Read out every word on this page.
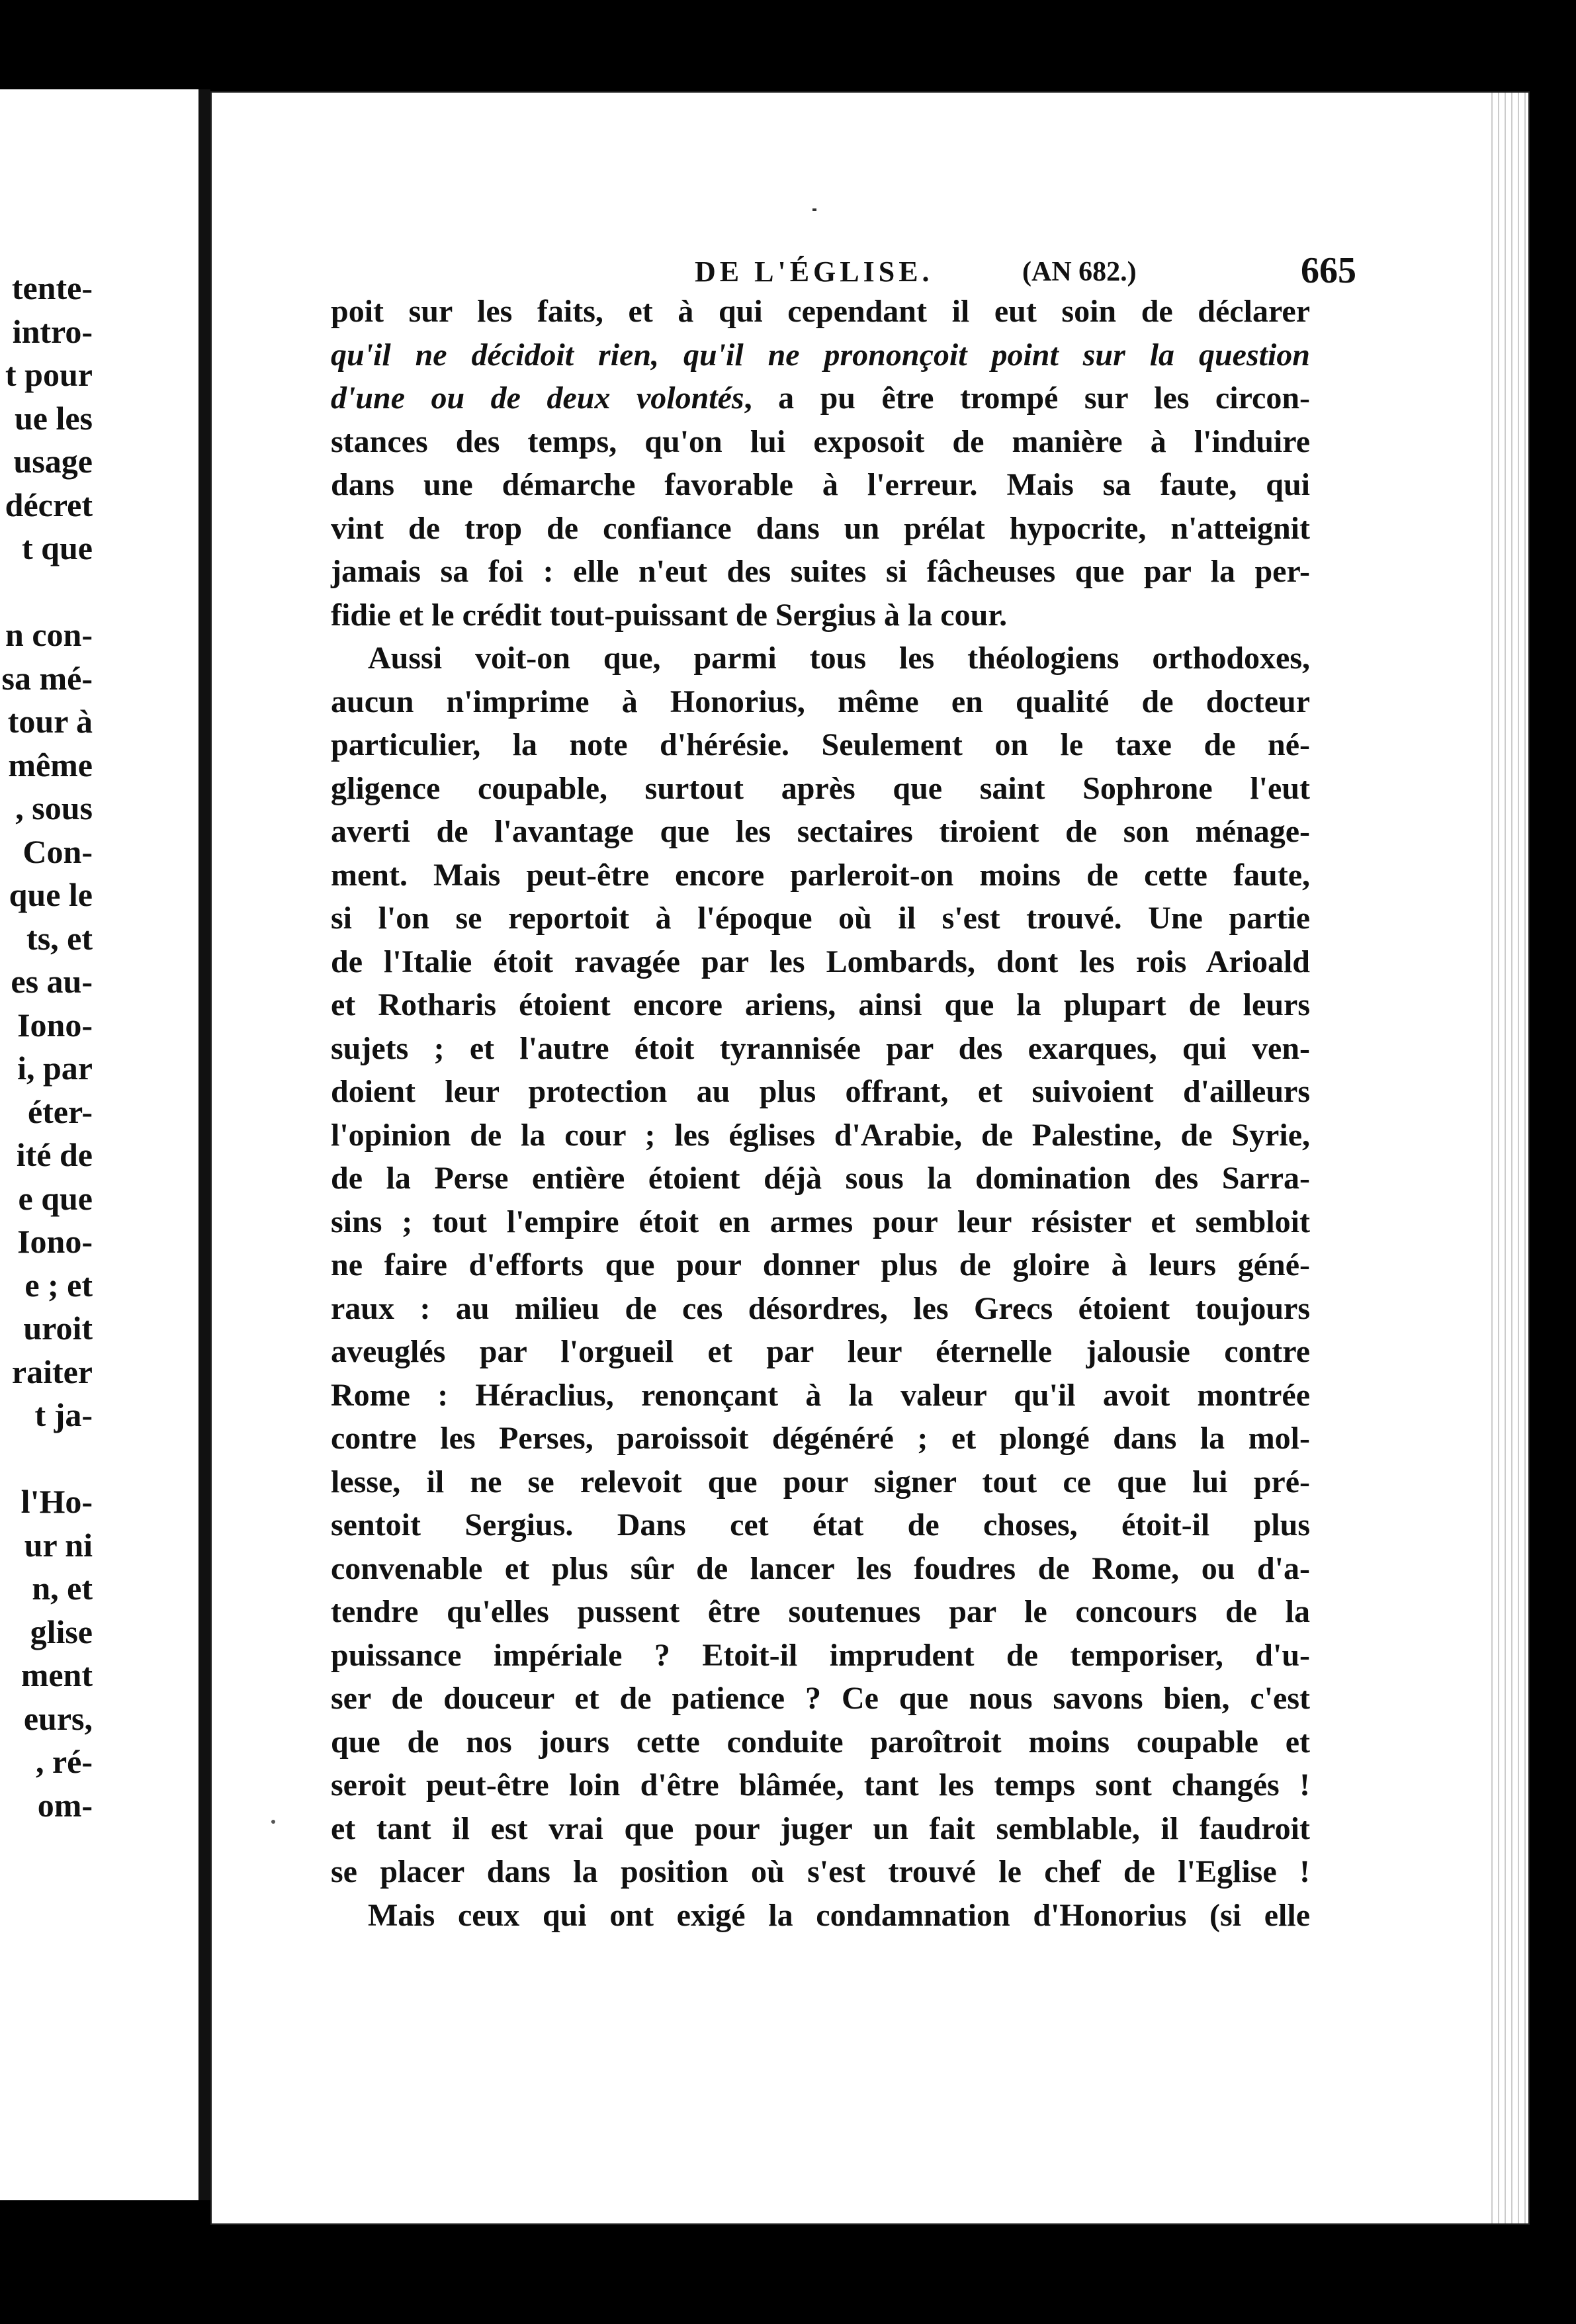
tente-
intro-
t pour
ue les
usage
décret
t que
n con-
sa mé-
tour à
même
, sous
Con-
que le
ts, et
es au-
Iono-
i, par
éter-
ité de
e que
Iono-
e ; et
uroit
raiter
t ja-
l'Ho-
ur ni
n, et
glise
ment
eurs,
, ré-
om-
DE L'ÉGLISE.	(AN 682.)	665
poit sur les faits, et à qui cependant il eut soin de déclarer
qu'il ne décidoit rien, qu'il ne prononçoit point sur la question
d'une ou de deux volontés, a pu être trompé sur les circon-
stances des temps, qu'on lui exposoit de manière à l'induire
dans une démarche favorable à l'erreur. Mais sa faute, qui
vint de trop de confiance dans un prélat hypocrite, n'atteignit
jamais sa foi : elle n'eut des suites si fâcheuses que par la per-
fidie et le crédit tout-puissant de Sergius à la cour.
Aussi voit-on que, parmi tous les théologiens orthodoxes,
aucun n'imprime à Honorius, même en qualité de docteur
particulier, la note d'hérésie. Seulement on le taxe de né-
gligence coupable, surtout après que saint Sophrone l'eut
averti de l'avantage que les sectaires tiroient de son ménage-
ment. Mais peut-être encore parleroit-on moins de cette faute,
si l'on se reportoit à l'époque où il s'est trouvé. Une partie
de l'Italie étoit ravagée par les Lombards, dont les rois Arioald
et Rotharis étoient encore ariens, ainsi que la plupart de leurs
sujets ; et l'autre étoit tyrannisée par des exarques, qui ven-
doient leur protection au plus offrant, et suivoient d'ailleurs
l'opinion de la cour ; les églises d'Arabie, de Palestine, de Syrie,
de la Perse entière étoient déjà sous la domination des Sarra-
sins ; tout l'empire étoit en armes pour leur résister et sembloit
ne faire d'efforts que pour donner plus de gloire à leurs géné-
raux : au milieu de ces désordres, les Grecs étoient toujours
aveuglés par l'orgueil et par leur éternelle jalousie contre
Rome : Héraclius, renonçant à la valeur qu'il avoit montrée
contre les Perses, paroissoit dégénéré ; et plongé dans la mol-
lesse, il ne se relevoit que pour signer tout ce que lui pré-
sentoit Sergius. Dans cet état de choses, étoit-il plus
convenable et plus sûr de lancer les foudres de Rome, ou d'a-
tendre qu'elles pussent être soutenues par le concours de la
puissance impériale ? Etoit-il imprudent de temporiser, d'u-
ser de douceur et de patience ? Ce que nous savons bien, c'est
que de nos jours cette conduite paroîtroit moins coupable et
seroit peut-être loin d'être blâmée, tant les temps sont changés !
et tant il est vrai que pour juger un fait semblable, il faudroit
se placer dans la position où s'est trouvé le chef de l'Eglise !
Mais ceux qui ont exigé la condamnation d'Honorius (si elle
